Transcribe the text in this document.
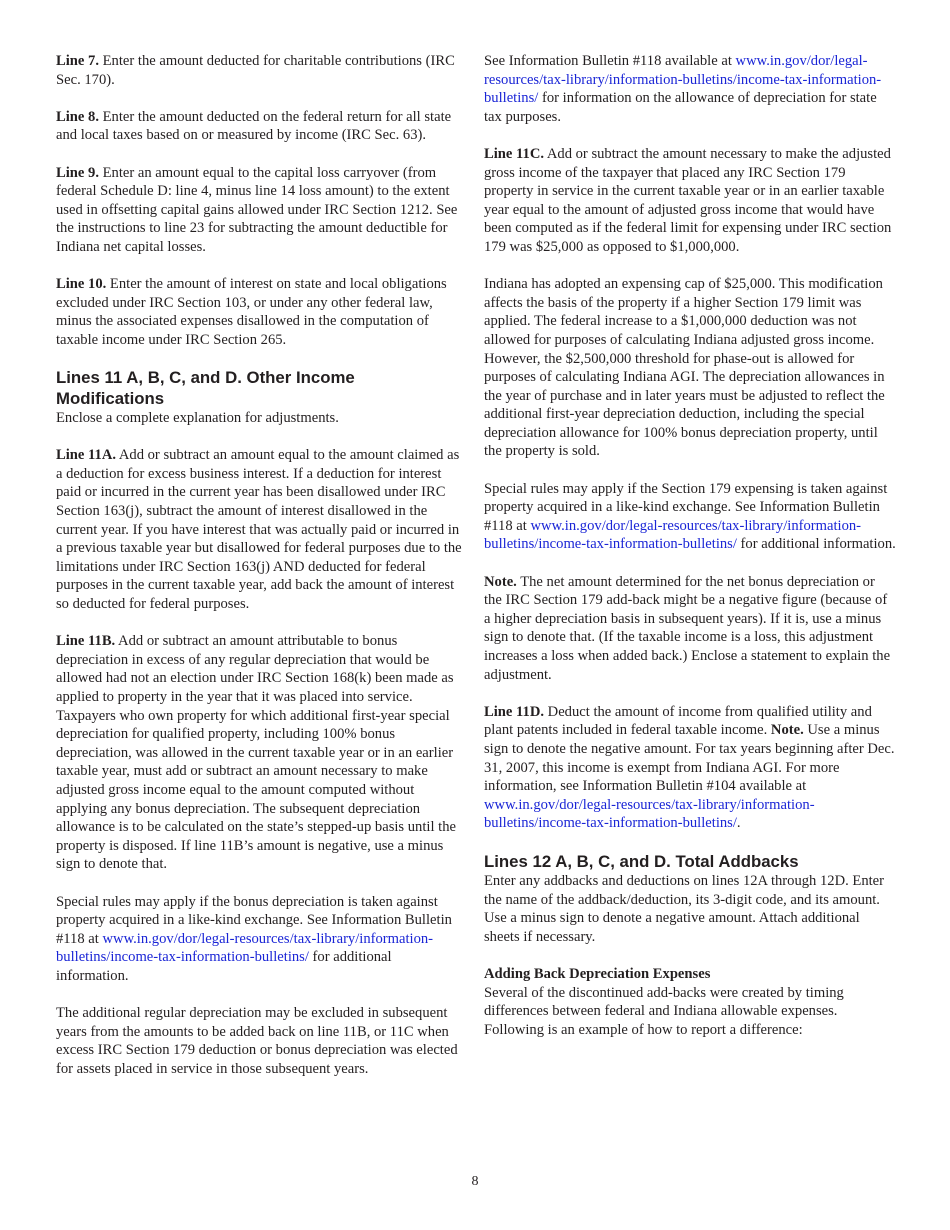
Line 7. Enter the amount deducted for charitable contributions (IRC Sec. 170).

Line 8. Enter the amount deducted on the federal return for all state and local taxes based on or measured by income (IRC Sec. 63).

Line 9. Enter an amount equal to the capital loss carryover (from federal Schedule D: line 4, minus line 14 loss amount) to the extent used in offsetting capital gains allowed under IRC Section 1212. See the instructions to line 23 for subtracting the amount deductible for Indiana net capital losses.

Line 10. Enter the amount of interest on state and local obligations excluded under IRC Section 103, or under any other federal law, minus the associated expenses disallowed in the computation of taxable income under IRC Section 265.

Lines 11 A, B, C, and D. Other Income Modifications

Enclose a complete explanation for adjustments.

Line 11A. Add or subtract an amount equal to the amount claimed as a deduction for excess business interest. If a deduction for interest paid or incurred in the current year has been disallowed under IRC Section 163(j), subtract the amount of interest disallowed in the current year. If you have interest that was actually paid or incurred in a previous taxable year but disallowed for federal purposes due to the limitations under IRC Section 163(j) AND deducted for federal purposes in the current taxable year, add back the amount of interest so deducted for federal purposes.

Line 11B. Add or subtract an amount attributable to bonus depreciation in excess of any regular depreciation that would be allowed had not an election under IRC Section 168(k) been made as applied to property in the year that it was placed into service. Taxpayers who own property for which additional first-year special depreciation for qualified property, including 100% bonus depreciation, was allowed in the current taxable year or in an earlier taxable year, must add or subtract an amount necessary to make adjusted gross income equal to the amount computed without applying any bonus depreciation. The subsequent depreciation allowance is to be calculated on the state’s stepped-up basis until the property is disposed. If line 11B’s amount is negative, use a minus sign to denote that.

Special rules may apply if the bonus depreciation is taken against property acquired in a like-kind exchange. See Information Bulletin #118 at www.in.gov/dor/legal-resources/tax-library/information-bulletins/income-tax-information-bulletins/ for additional information.

The additional regular depreciation may be excluded in subsequent years from the amounts to be added back on line 11B, or 11C when excess IRC Section 179 deduction or bonus depreciation was elected for assets placed in service in those subsequent years.

See Information Bulletin #118 available at www.in.gov/dor/legal-resources/tax-library/information-bulletins/income-tax-information-bulletins/ for information on the allowance of depreciation for state tax purposes.

Line 11C. Add or subtract the amount necessary to make the adjusted gross income of the taxpayer that placed any IRC Section 179 property in service in the current taxable year or in an earlier taxable year equal to the amount of adjusted gross income that would have been computed as if the federal limit for expensing under IRC section 179 was $25,000 as opposed to $1,000,000.

Indiana has adopted an expensing cap of $25,000. This modification affects the basis of the property if a higher Section 179 limit was applied. The federal increase to a $1,000,000 deduction was not allowed for purposes of calculating Indiana adjusted gross income. However, the $2,500,000 threshold for phase-out is allowed for purposes of calculating Indiana AGI. The depreciation allowances in the year of purchase and in later years must be adjusted to reflect the additional first-year depreciation deduction, including the special depreciation allowance for 100% bonus depreciation property, until the property is sold.

Special rules may apply if the Section 179 expensing is taken against property acquired in a like-kind exchange. See Information Bulletin #118 at www.in.gov/dor/legal-resources/tax-library/information-bulletins/income-tax-information-bulletins/ for additional information.

Note. The net amount determined for the net bonus depreciation or the IRC Section 179 add-back might be a negative figure (because of a higher depreciation basis in subsequent years). If it is, use a minus sign to denote that. (If the taxable income is a loss, this adjustment increases a loss when added back.) Enclose a statement to explain the adjustment.

Line 11D. Deduct the amount of income from qualified utility and plant patents included in federal taxable income. Note. Use a minus sign to denote the negative amount. For tax years beginning after Dec. 31, 2007, this income is exempt from Indiana AGI. For more information, see Information Bulletin #104 available at www.in.gov/dor/legal-resources/tax-library/information-bulletins/income-tax-information-bulletins/.

Lines 12 A, B, C, and D. Total Addbacks

Enter any addbacks and deductions on lines 12A through 12D. Enter the name of the addback/deduction, its 3-digit code, and its amount. Use a minus sign to denote a negative amount. Attach additional sheets if necessary.

Adding Back Depreciation Expenses

Several of the discontinued add-backs were created by timing differences between federal and Indiana allowable expenses. Following is an example of how to report a difference:

8
